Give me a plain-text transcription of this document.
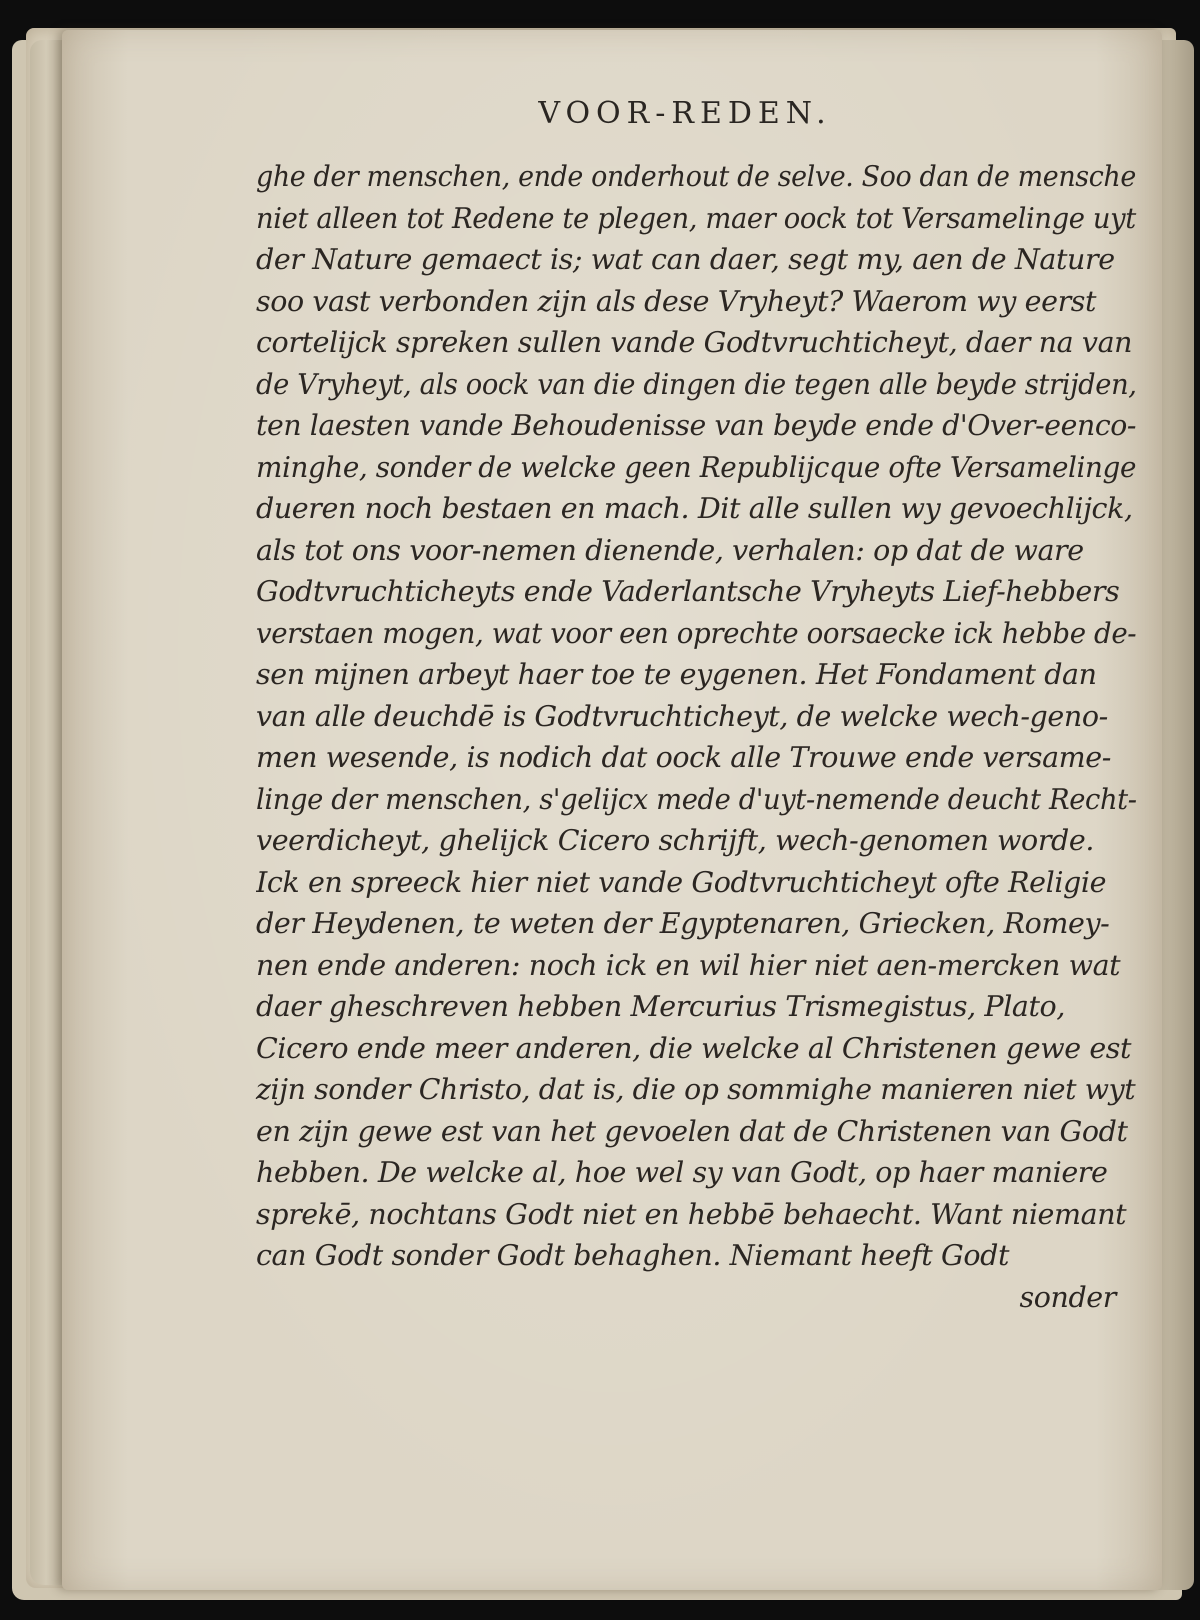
VOOR-REDEN.
ghe der menschen, ende onderhout de selve. Soo dan de mensche
niet alleen tot Redene te plegen, maer oock tot Versamelinge uyt
der Nature gemaect is; wat can daer, segt my, aen de Nature
soo vast verbonden zijn als dese Vryheyt? Waerom wy eerst
cortelijck spreken sullen vande Godtvruchticheyt, daer na van
de Vryheyt, als oock van die dingen die tegen alle beyde strijden,
ten laesten vande Behoudenisse van beyde ende d'Over-eenco-
minghe, sonder de welcke geen Republijcque ofte Versamelinge
dueren noch bestaen en mach. Dit alle sullen wy gevoechlijck,
als tot ons voor-nemen dienende, verhalen: op dat de ware
Godtvruchticheyts ende Vaderlantsche Vryheyts Lief-hebbers
verstaen mogen, wat voor een oprechte oorsaecke ick hebbe de-
sen mijnen arbeyt haer toe te eygenen. Het Fondament dan
van alle deuchdē is Godtvruchticheyt, de welcke wech-geno-
men wesende, is nodich dat oock alle Trouwe ende versame-
linge der menschen, s'gelijcx mede d'uyt-nemende deucht Recht-
veerdicheyt, ghelijck Cicero schrijft, wech-genomen worde.
Ick en spreeck hier niet vande Godtvruchticheyt ofte Religie
der Heydenen, te weten der Egyptenaren, Griecken, Romey-
nen ende anderen: noch ick en wil hier niet aen-mercken wat
daer gheschreven hebben Mercurius Trismegistus, Plato,
Cicero ende meer anderen, die welcke al Christenen gewe est
zijn sonder Christo, dat is, die op sommighe manieren niet wyt
en zijn gewe est van het gevoelen dat de Christenen van Godt
hebben. De welcke al, hoe wel sy van Godt, op haer maniere
sprekē, nochtans Godt niet en hebbē behaecht. Want niemant
can Godt sonder Godt behaghen. Niemant heeft Godt
sonder
